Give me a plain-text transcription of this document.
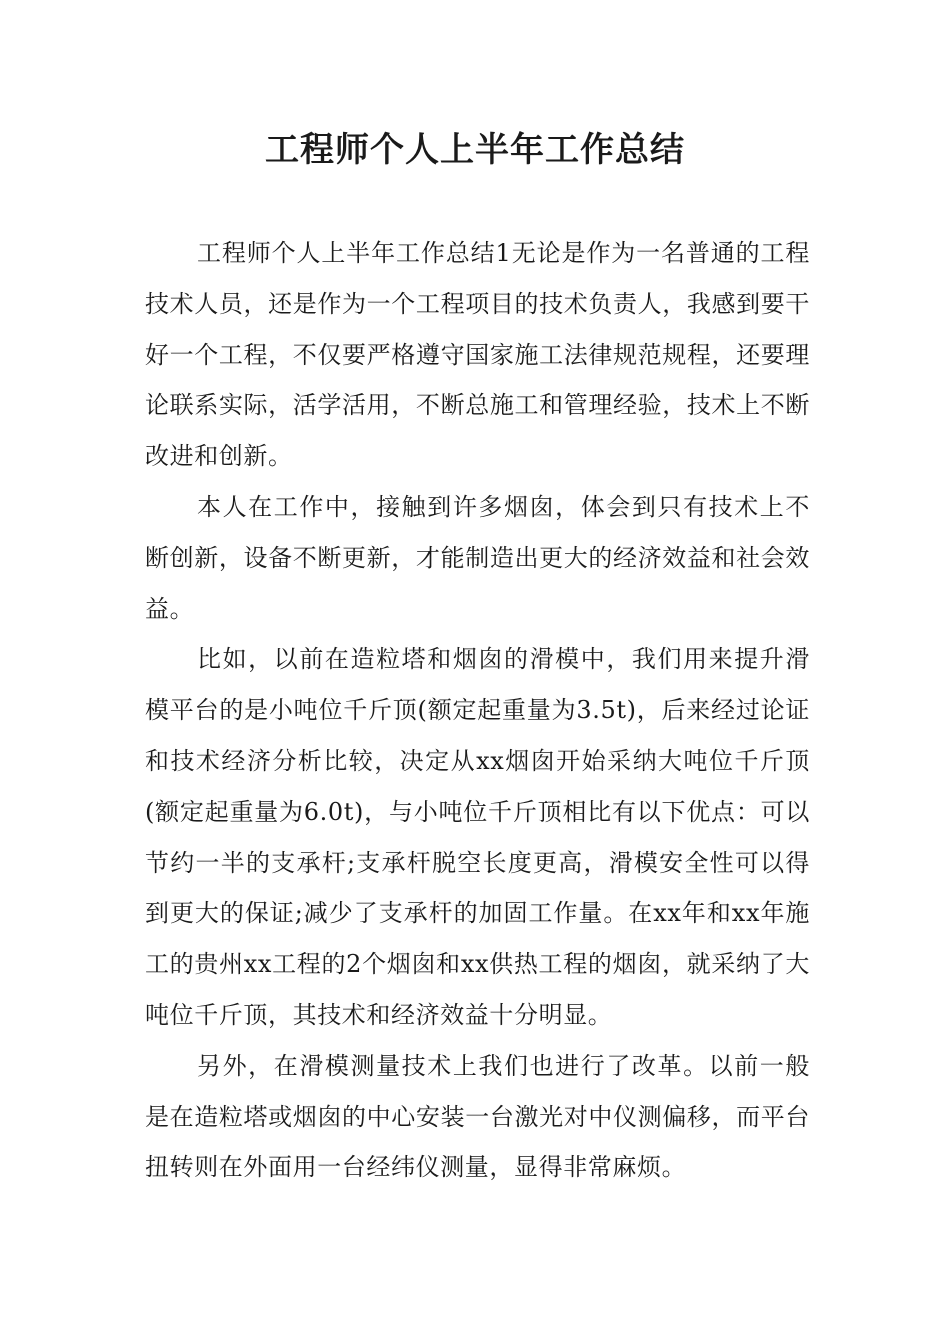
工程师个人上半年工作总结

工程师个人上半年工作总结1无论是作为一名普通的工程技术人员，还是作为一个工程项目的技术负责人，我感到要干好一个工程，不仅要严格遵守国家施工法律规范规程，还要理论联系实际，活学活用，不断总施工和管理经验，技术上不断改进和创新。

本人在工作中，接触到许多烟囱，体会到只有技术上不断创新，设备不断更新，才能制造出更大的经济效益和社会效益。

比如，以前在造粒塔和烟囱的滑模中，我们用来提升滑模平台的是小吨位千斤顶(额定起重量为3.5t)，后来经过论证和技术经济分析比较，决定从xx烟囱开始采纳大吨位千斤顶(额定起重量为6.0t)，与小吨位千斤顶相比有以下优点：可以节约一半的支承杆;支承杆脱空长度更高，滑模安全性可以得到更大的保证;减少了支承杆的加固工作量。在xx年和xx年施工的贵州xx工程的2个烟囱和xx供热工程的烟囱，就采纳了大吨位千斤顶，其技术和经济效益十分明显。

另外，在滑模测量技术上我们也进行了改革。以前一般是在造粒塔或烟囱的中心安装一台激光对中仪测偏移，而平台扭转则在外面用一台经纬仪测量，显得非常麻烦。
